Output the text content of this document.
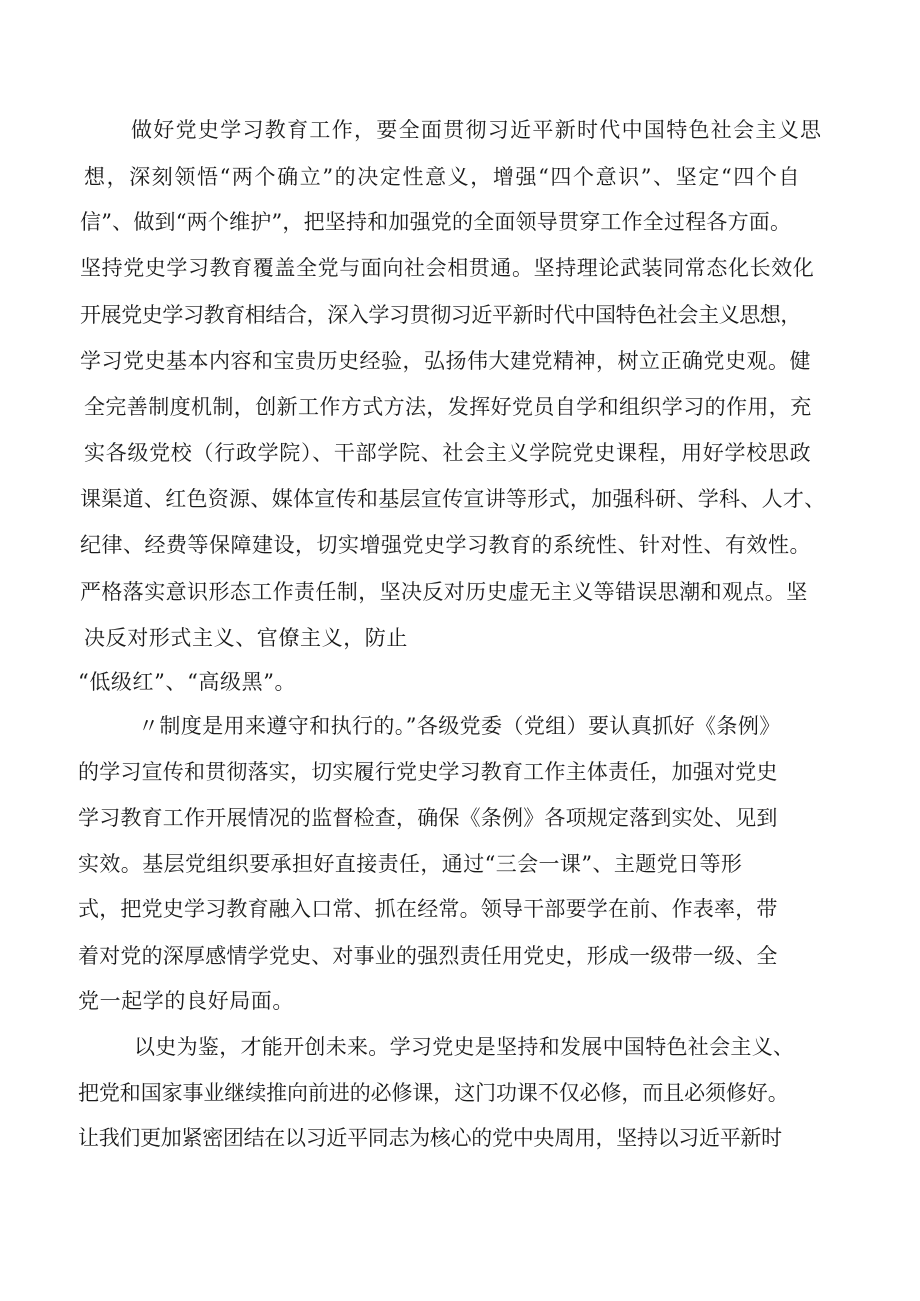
做好党史学习教育工作，要全面贯彻习近平新时代中国特色社会主义思
想，深刻领悟“两个确立”的决定性意义，增强“四个意识”、坚定“四个自
信”、做到“两个维护”，把坚持和加强党的全面领导贯穿工作全过程各方面。
坚持党史学习教育覆盖全党与面向社会相贯通。坚持理论武装同常态化长效化
开展党史学习教育相结合，深入学习贯彻习近平新时代中国特色社会主义思想，
学习党史基本内容和宝贵历史经验，弘扬伟大建党精神，树立正确党史观。健
全完善制度机制，创新工作方式方法，发挥好党员自学和组织学习的作用，充
实各级党校（行政学院）、干部学院、社会主义学院党史课程，用好学校思政
课渠道、红色资源、媒体宣传和基层宣传宣讲等形式，加强科研、学科、人才、
纪律、经费等保障建设，切实增强党史学习教育的系统性、针对性、有效性。
严格落实意识形态工作责任制，坚决反对历史虚无主义等错误思潮和观点。坚
决反对形式主义、官僚主义，防止
“低级红”、“高级黑”。
〃制度是用来遵守和执行的。”各级党委（党组）要认真抓好《条例》
的学习宣传和贯彻落实，切实履行党史学习教育工作主体责任，加强对党史
学习教育工作开展情况的监督检查，确保《条例》各项规定落到实处、见到
实效。基层党组织要承担好直接责任，通过“三会一课”、主题党日等形
式，把党史学习教育融入口常、抓在经常。领导干部要学在前、作表率，带
着对党的深厚感情学党史、对事业的强烈责任用党史，形成一级带一级、全
党一起学的良好局面。
以史为鉴，才能开创未来。学习党史是坚持和发展中国特色社会主义、
把党和国家事业继续推向前进的必修课，这门功课不仅必修，而且必须修好。
让我们更加紧密团结在以习近平同志为核心的党中央周用，坚持以习近平新时
